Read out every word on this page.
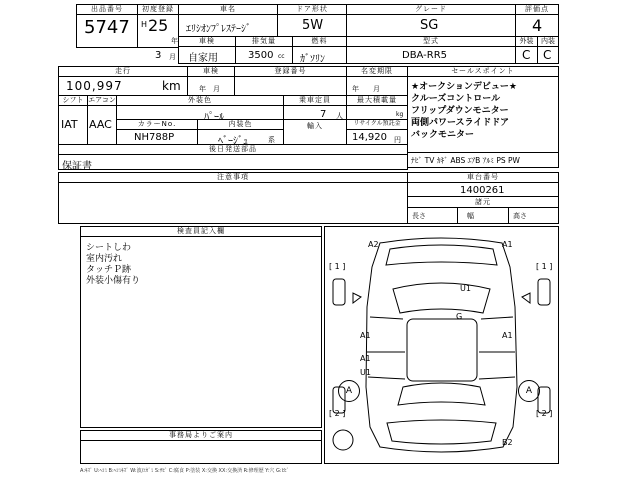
出品番号
5747
初度登録
H 25
年
3 月
車名
ｴﾘｼｵﾝﾌﾟﾚｽﾃｰｼﾞ
ドア形状
5W
グレード
SG
評価点
4
車検
自家用
排気量
3500 cc
燃料
ｶﾞｿﾘﾝ
型式
DBA-RR5
外装
C
内装
C
走行
100,997	km
車検
年　月
登録番号	名変期限
年　　月
セールスポイント
★オークションデビュー★
クルーズコントロール
フリップダウンモニター
両側パワースライドドア
バックモニター
ﾅﾋﾞ TV ｶｷﾞ ABS ｴｱB ｱﾙﾐ PS PW
シフト
IAT
エアコン
AAC
外装色
ﾊﾟｰﾙ
乗車定員
7 人
最大積載量
kg
カラーNo.
NH788P
内装色
ﾍﾞｰｼﾞｭ	系
輸入	リサイクル預託金
14,920 円
後日発送部品
保証書
注意事項	車台番号
1400261
諸元
長さ	幅	高さ
検査員記入欄
シートしわ
室内汚れ
タッチＰ跡
外装小傷有り
事務局よりご案内
A2	A1
[ 1 ]	[ 1 ]
U1
G
A1	A1
A1
U1
A	A
[ 2 ]	[ 2 ]
B2
A:ｷｽﾞ U:ﾍｺﾐ B:ﾍｺﾐｷｽﾞ W:波/ﾕｶﾞﾐ S:ｻﾋﾞ C:腐食 P:塗装 X:交換 XX:交換済 R:修理歴 Y:穴 G:ﾋﾋﾞ
